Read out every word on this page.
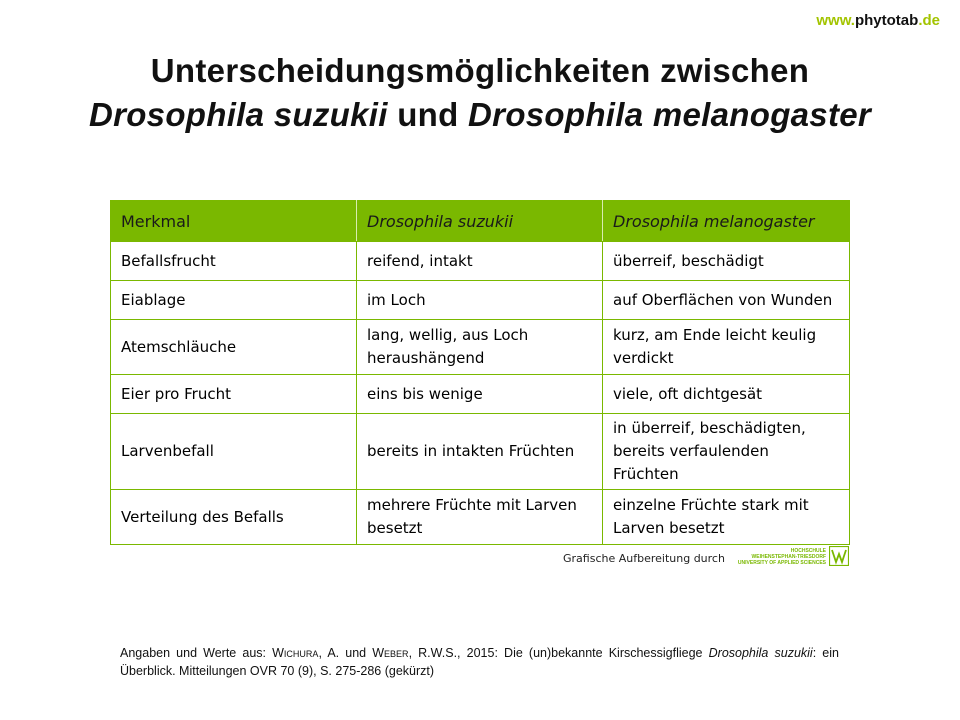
www.phytotab.de
Unterscheidungsmöglichkeiten zwischen
Drosophila suzukii und Drosophila melanogaster
Merkmal	Drosophila suzukii	Drosophila melanogaster
Befallsfrucht	reifend, intakt	überreif, beschädigt
Eiablage	im Loch	auf Oberflächen von Wunden
Atemschläuche	lang, wellig, aus Loch heraushängend	kurz, am Ende leicht keulig verdickt
Eier pro Frucht	eins bis wenige	viele, oft dichtgesät
Larvenbefall	bereits in intakten Früchten	in überreif, beschädigten, bereits verfaulenden Früchten
Verteilung des Befalls	mehrere Früchte mit Larven besetzt	einzelne Früchte stark mit Larven besetzt
Grafische Aufbereitung durch
HOCHSCHULE
WEIHENSTEPHAN-TRIESDORF
UNIVERSITY OF APPLIED SCIENCES
Angaben und Werte aus: Wichura, A. und Weber, R.W.S., 2015: Die (un)bekannte Kirschessigfliege Drosophila suzukii: ein Überblick. Mitteilungen OVR 70 (9), S. 275-286 (gekürzt)
